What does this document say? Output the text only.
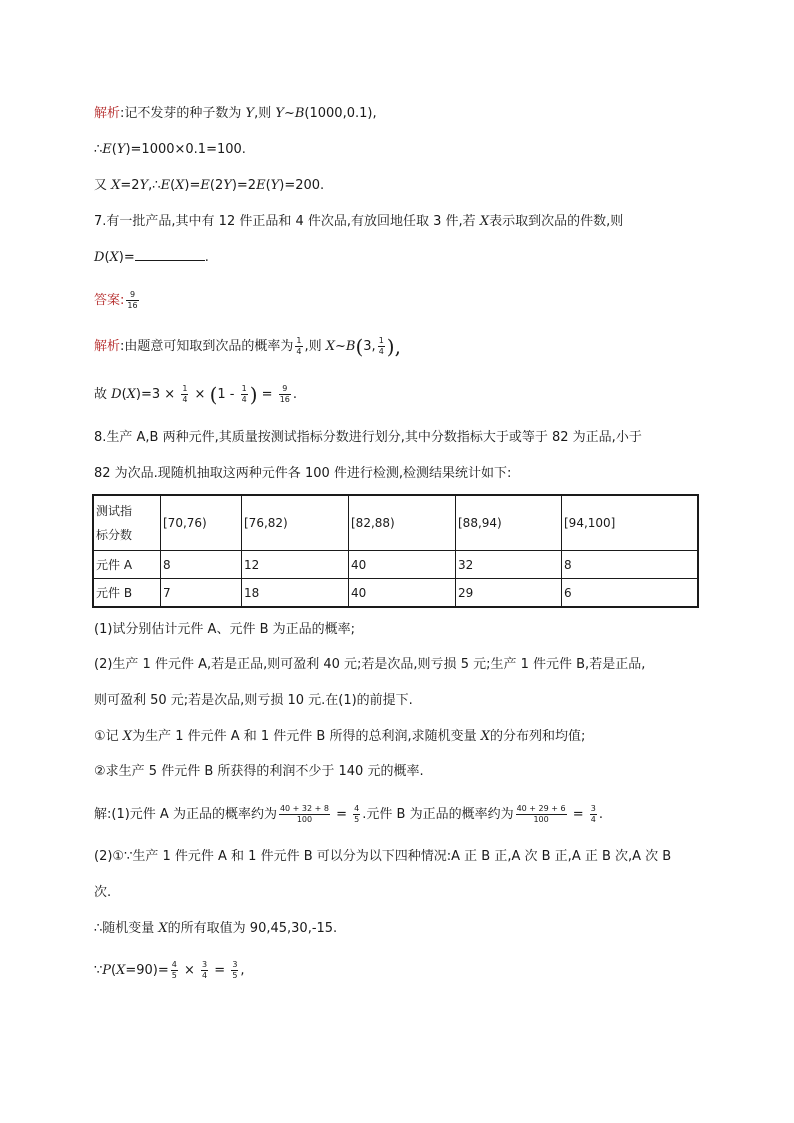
解析:记不发芽的种子数为 Y,则 Y~B(1000,0.1),
∴E(Y)=1000×0.1=100.
又 X=2Y,∴E(X)=E(2Y)=2E(Y)=200.
7.有一批产品,其中有 12 件正品和 4 件次品,有放回地任取 3 件,若 X表示取到次品的件数,则
D(X)=	.
答案: $\frac{9}{16}$
解析:由题意可知取到次品的概率为 $\frac{1}{4}$ ,则 X~B(3, $\frac{1}{4}$ ),
故 $D(X)=3 \times \frac{1}{4} \times (1 - \frac{1}{4}$ ) = $\frac{9}{16}$ .
8.生产 A,B 两种元件,其质量按测试指标分数进行划分,其中分数指标大于或等于 82 为正品,小于
82 为次品.现随机抽取这两种元件各 100 件进行检测,检测结果统计如下:
测试指
标分数	[70,76)	[76,82)	[82,88)	[88,94)	[94,100]
元件 A	8	12	40	32	8
元件 B	7	18	40	29	6
(1)试分别估计元件 A、元件 B 为正品的概率;
(2)生产 1 件元件 A,若是正品,则可盈利 40 元;若是次品,则亏损 5 元;生产 1 件元件 B,若是正品,
则可盈利 50 元;若是次品,则亏损 10 元.在(1)的前提下.
①记 X为生产 1 件元件 A 和 1 件元件 B 所得的总利润,求随机变量 X的分布列和均值;
②求生产 5 件元件 B 所获得的利润不少于 140 元的概率.
解:(1)元件 A 为正品的概率约为 $\frac{40 + 32 + 8}{100} = \frac{4}{5}$ .元件 B 为正品的概率约为 $\frac{40 + 29 + 6}{100} = \frac{3}{4}$ .
(2)①∵生产 1 件元件 A 和 1 件元件 B 可以分为以下四种情况:A 正 B 正,A 次 B 正,A 正 B 次,A 次 B
次.
∴随机变量 X的所有取值为 90,45,30,-15.
∵P(X=90)= $\frac{4}{5} \times \frac{3}{4} = \frac{3}{5}$ ,
